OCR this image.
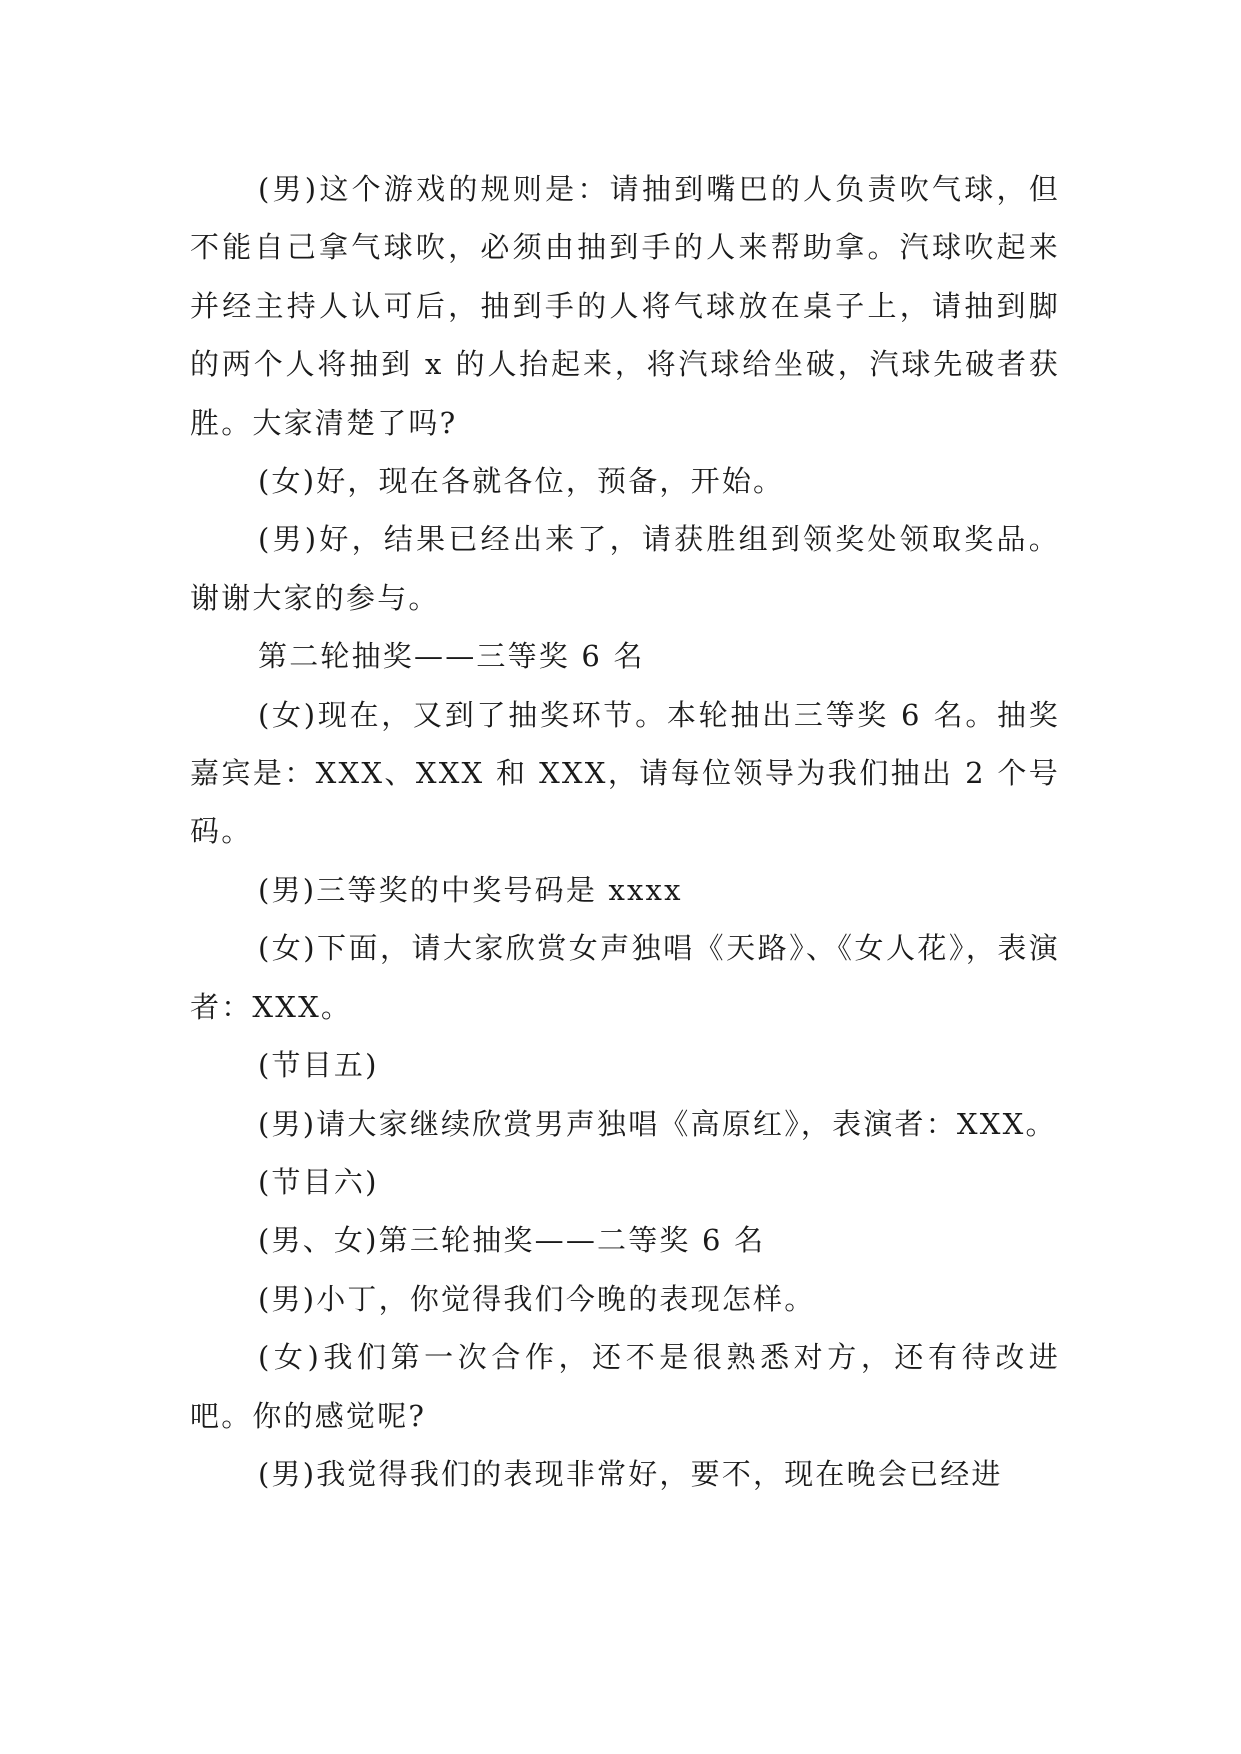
(男)这个游戏的规则是：请抽到嘴巴的人负责吹气球，但不能自己拿气球吹，必须由抽到手的人来帮助拿。汽球吹起来并经主持人认可后，抽到手的人将气球放在桌子上，请抽到脚的两个人将抽到 x 的人抬起来，将汽球给坐破，汽球先破者获胜。大家清楚了吗?

(女)好，现在各就各位，预备，开始。

(男)好，结果已经出来了，请获胜组到领奖处领取奖品。谢谢大家的参与。

第二轮抽奖——三等奖 6 名

(女)现在，又到了抽奖环节。本轮抽出三等奖 6 名。抽奖嘉宾是：XXX、XXX 和 XXX，请每位领导为我们抽出 2 个号码。

(男)三等奖的中奖号码是 xxxx

(女)下面，请大家欣赏女声独唱《天路》、《女人花》，表演者：XXX。

(节目五)

(男)请大家继续欣赏男声独唱《高原红》，表演者：XXX。

(节目六)

(男、女)第三轮抽奖——二等奖 6 名

(男)小丁，你觉得我们今晚的表现怎样。

(女)我们第一次合作，还不是很熟悉对方，还有待改进吧。你的感觉呢?

(男)我觉得我们的表现非常好，要不，现在晚会已经进
